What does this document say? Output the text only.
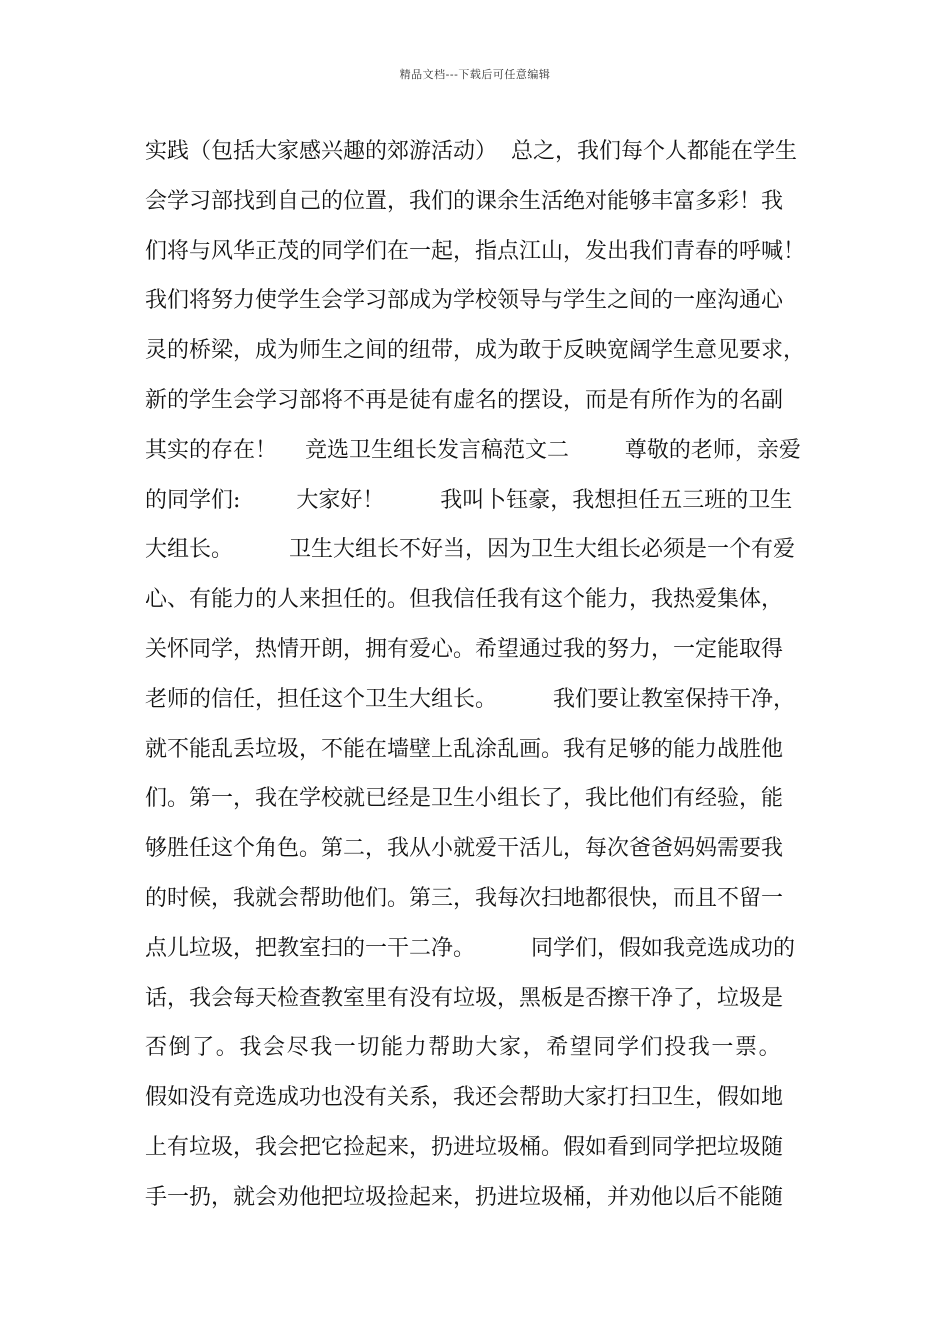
精品文档---下载后可任意编辑
实践（包括大家感兴趣的郊游活动）  总之，我们每个人都能在学生
会学习部找到自己的位置，我们的课余生活绝对能够丰富多彩！我
们将与风华正茂的同学们在一起，指点江山，发出我们青春的呼喊！
我们将努力使学生会学习部成为学校领导与学生之间的一座沟通心
灵的桥梁，成为师生之间的纽带，成为敢于反映宽阔学生意见要求，
新的学生会学习部将不再是徒有虚名的摆设，而是有所作为的名副
其实的存在！    竞选卫生组长发言稿范文二        尊敬的老师，亲爱
的同学们:        大家好！        我叫卜钰豪，我想担任五三班的卫生
大组长。        卫生大组长不好当，因为卫生大组长必须是一个有爱
心、有能力的人来担任的。但我信任我有这个能力，我热爱集体，
关怀同学，热情开朗，拥有爱心。希望通过我的努力，一定能取得
老师的信任，担任这个卫生大组长。        我们要让教室保持干净，
就不能乱丢垃圾，不能在墙壁上乱涂乱画。我有足够的能力战胜他
们。第一，我在学校就已经是卫生小组长了，我比他们有经验，能
够胜任这个角色。第二，我从小就爱干活儿，每次爸爸妈妈需要我
的时候，我就会帮助他们。第三，我每次扫地都很快，而且不留一
点儿垃圾，把教室扫的一干二净。        同学们，假如我竞选成功的
话，我会每天检查教室里有没有垃圾，黑板是否擦干净了，垃圾是
否倒了。我会尽我一切能力帮助大家，希望同学们投我一票。
假如没有竞选成功也没有关系，我还会帮助大家打扫卫生，假如地
上有垃圾，我会把它捡起来，扔进垃圾桶。假如看到同学把垃圾随
手一扔，就会劝他把垃圾捡起来，扔进垃圾桶，并劝他以后不能随
